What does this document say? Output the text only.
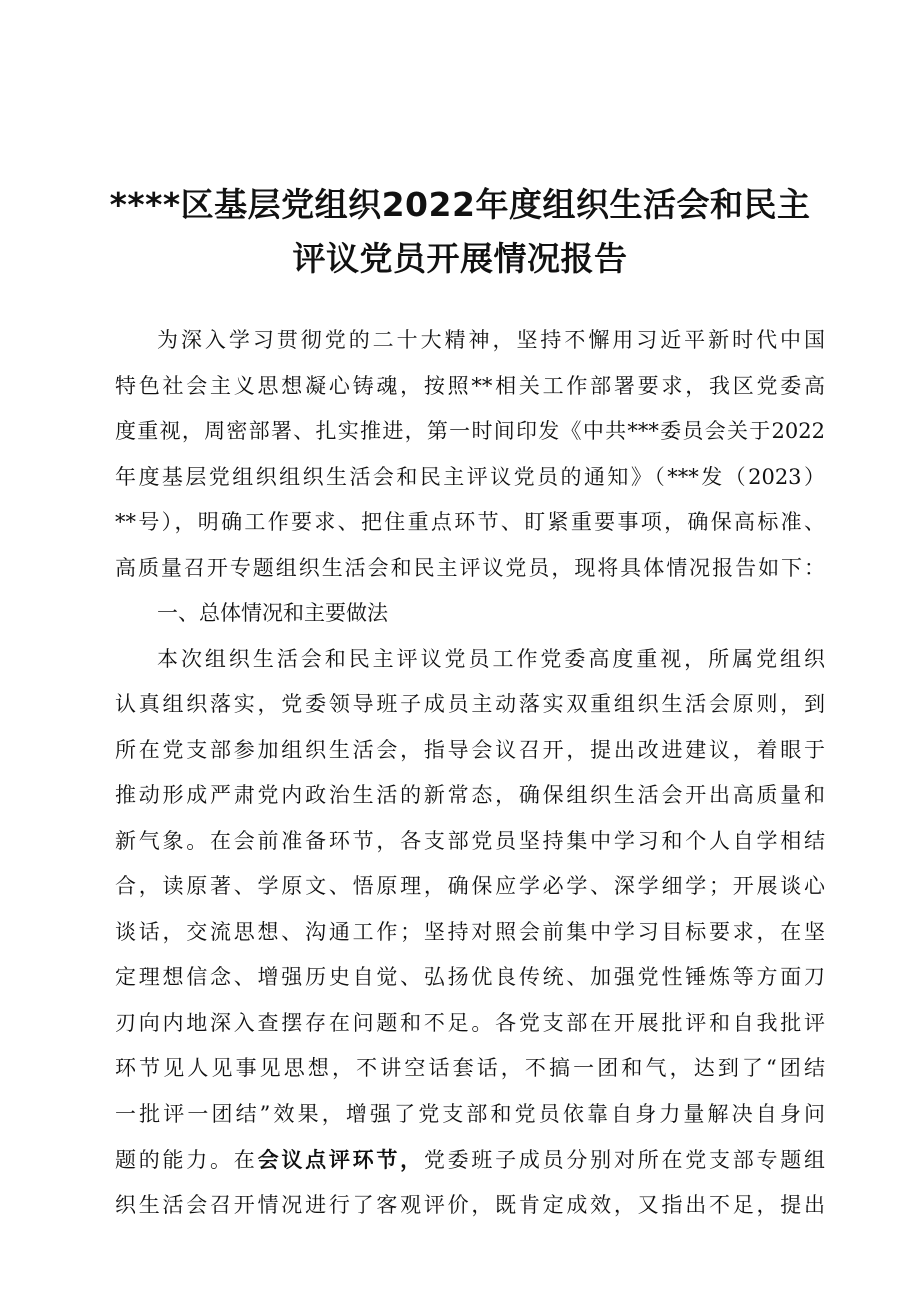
****区基层党组织2022年度组织生活会和民主
评议党员开展情况报告
为深入学习贯彻党的二十大精神，坚持不懈用习近平新时代中国
特色社会主义思想凝心铸魂，按照**相关工作部署要求，我区党委高
度重视，周密部署、扎实推进，第一时间印发《中共***委员会关于2022
年度基层党组织组织生活会和民主评议党员的通知》（***发（2023）
**号），明确工作要求、把住重点环节、盯紧重要事项，确保高标准、
高质量召开专题组织生活会和民主评议党员，现将具体情况报告如下：
一、总体情况和主要做法
本次组织生活会和民主评议党员工作党委高度重视，所属党组织
认真组织落实，党委领导班子成员主动落实双重组织生活会原则，到
所在党支部参加组织生活会，指导会议召开，提出改进建议，着眼于
推动形成严肃党内政治生活的新常态，确保组织生活会开出高质量和
新气象。在会前准备环节，各支部党员坚持集中学习和个人自学相结
合，读原著、学原文、悟原理，确保应学必学、深学细学；开展谈心
谈话，交流思想、沟通工作；坚持对照会前集中学习目标要求，在坚
定理想信念、增强历史自觉、弘扬优良传统、加强党性锤炼等方面刀
刃向内地深入查摆存在问题和不足。各党支部在开展批评和自我批评
环节见人见事见思想，不讲空话套话，不搞一团和气，达到了“团结
一批评一团结”效果，增强了党支部和党员依靠自身力量解决自身问
题的能力。在会议点评环节，党委班子成员分别对所在党支部专题组
织生活会召开情况进行了客观评价，既肯定成效，又指出不足，提出
